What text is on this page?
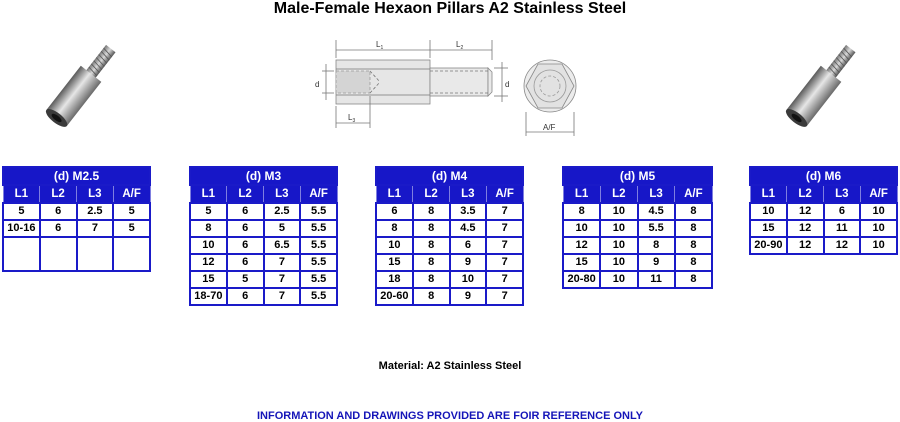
Male-Female Hexaon Pillars A2 Stainless Steel
$L_1$	$L_2$
$L_3$
d	d
A/F
(d) M2.5			
L1	L2	L3	A/F
5	6	2.5	5
10-16	6	7	5

(d) M3			
L1	L2	L3	A/F
5	6	2.5	5.5
8	6	5	5.5
10	6	6.5	5.5
12	6	7	5.5
15	5	7	5.5
18-70	6	7	5.5
(d) M4			
L1	L2	L3	A/F
6	8	3.5	7
8	8	4.5	7
10	8	6	7
15	8	9	7
18	8	10	7
20-60	8	9	7
(d) M5			
L1	L2	L3	A/F
8	10	4.5	8
10	10	5.5	8
12	10	8	8
15	10	9	8
20-80	10	11	8
(d) M6			
L1	L2	L3	A/F
10	12	6	10
15	12	11	10
20-90	12	12	10
Material: A2 Stainless Steel
INFORMATION AND DRAWINGS PROVIDED ARE FOIR REFERENCE ONLY
